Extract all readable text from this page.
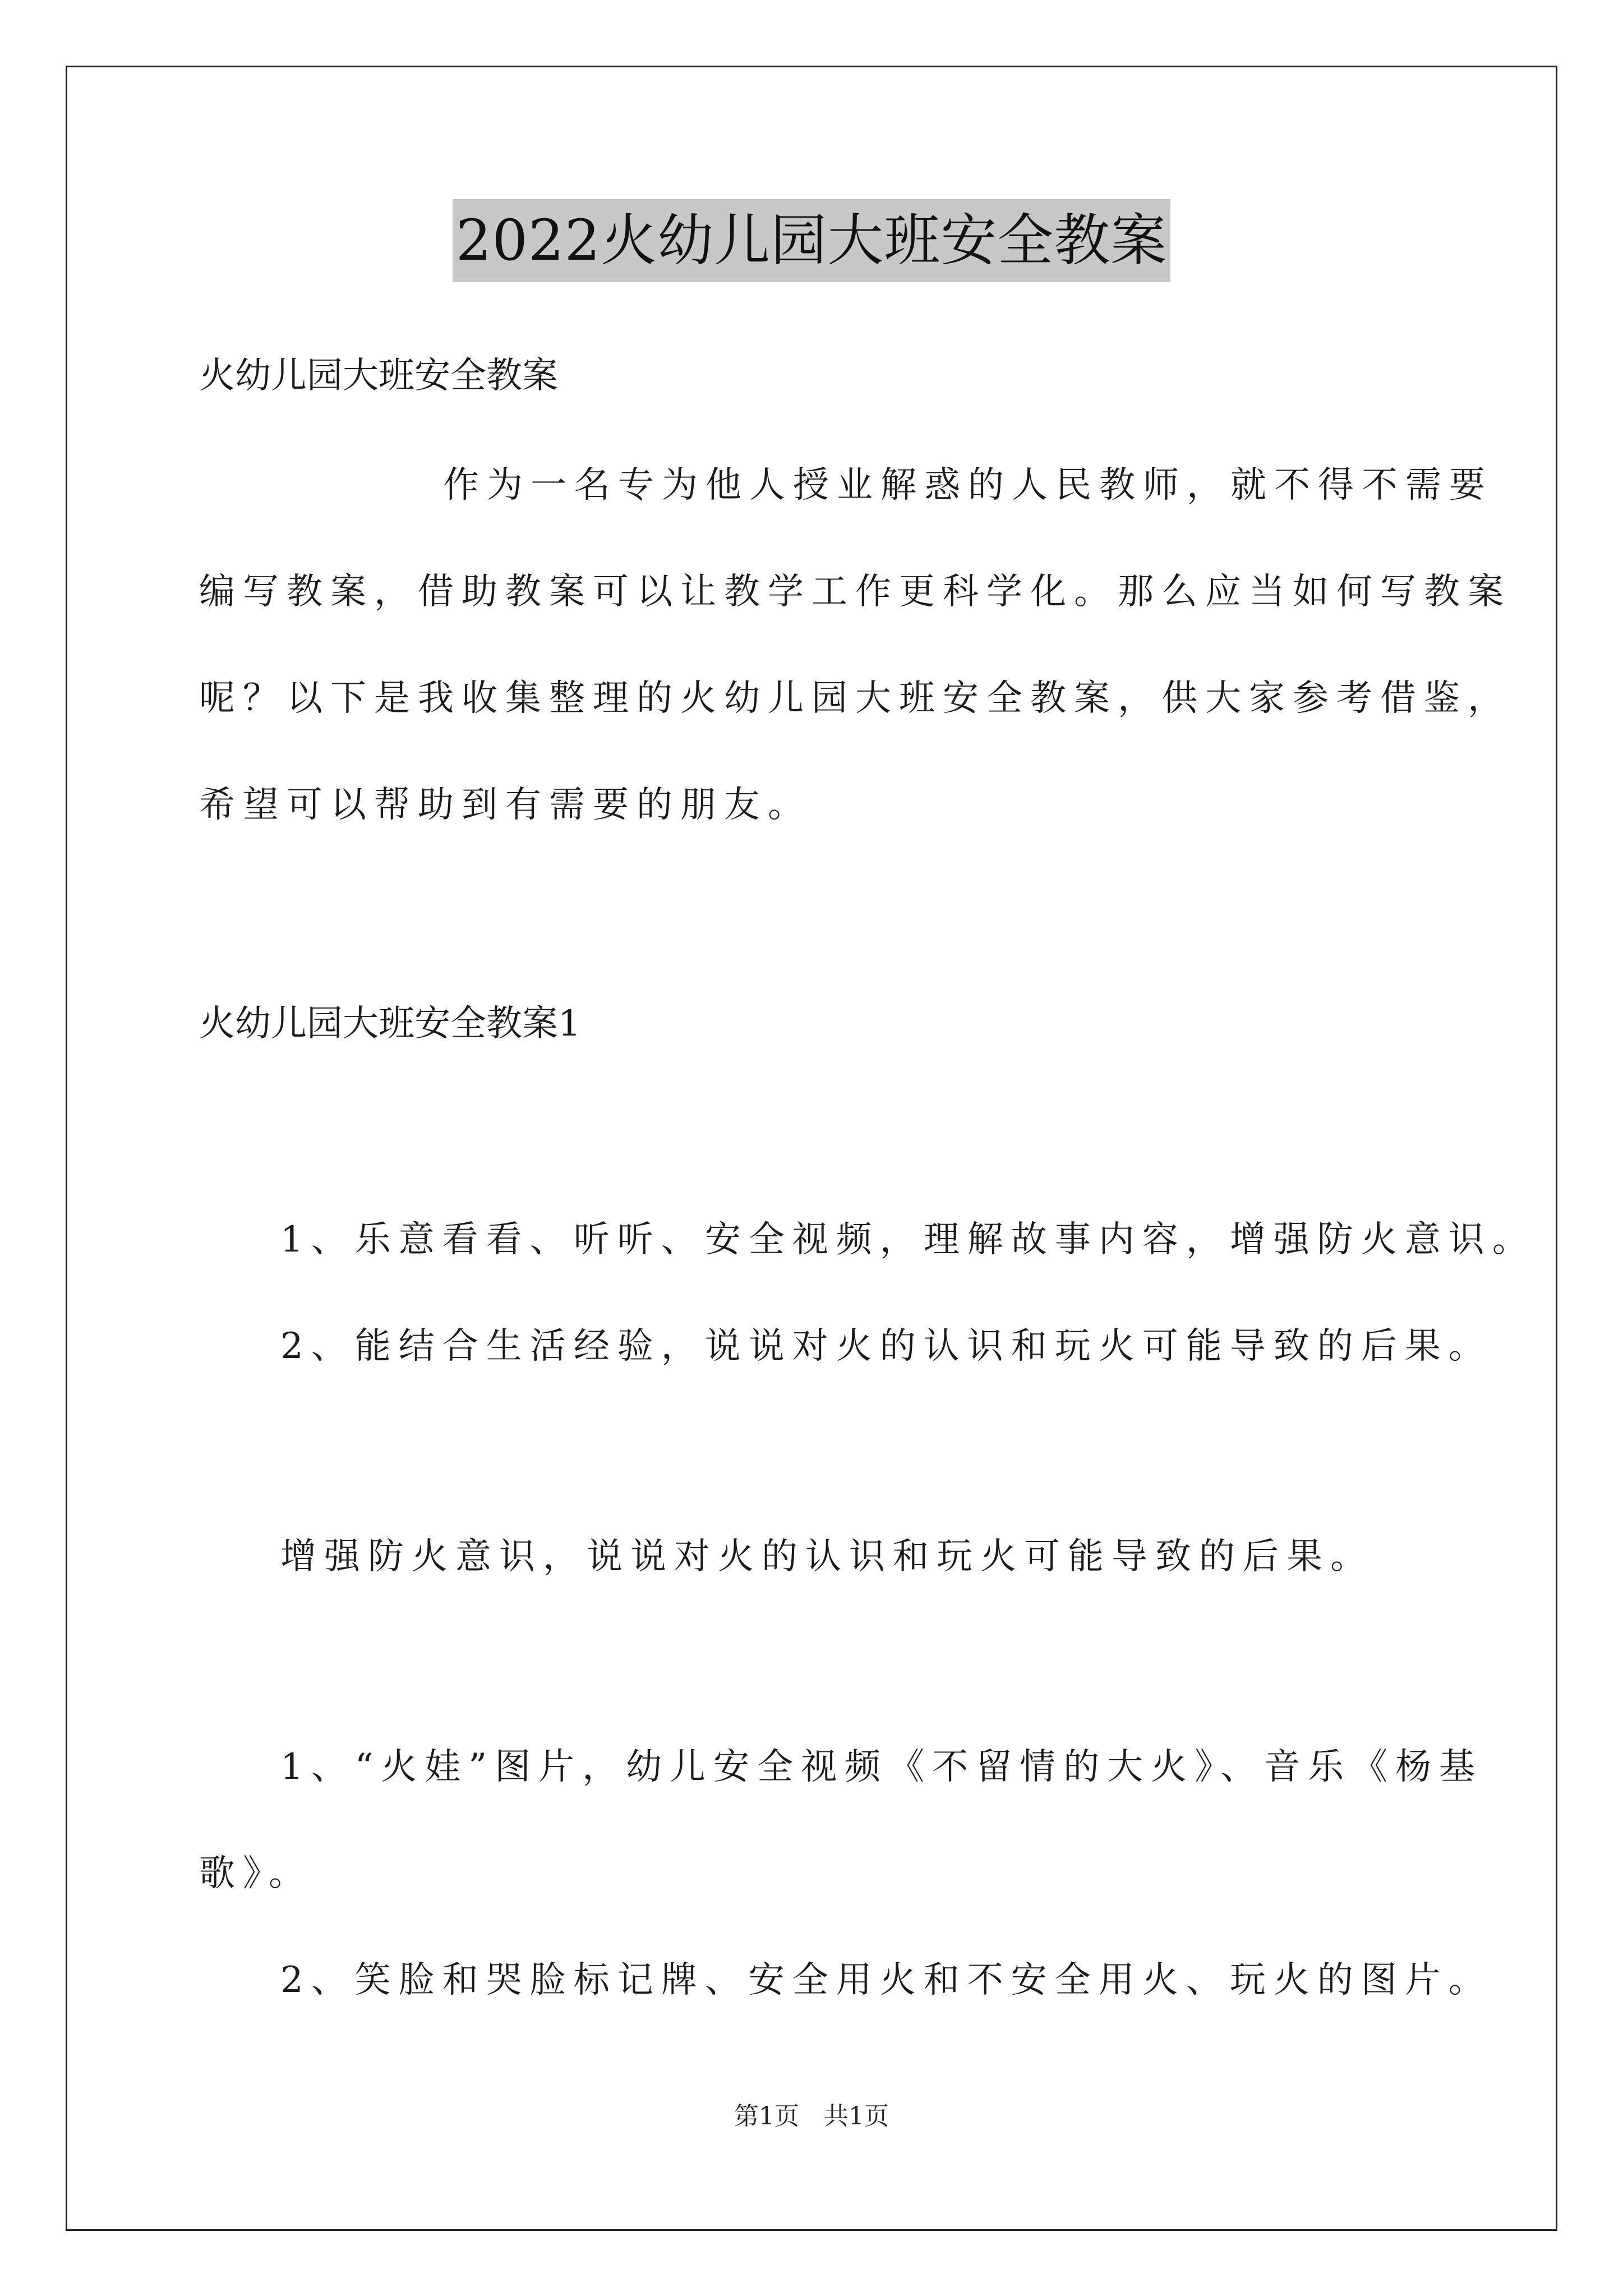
2022火幼儿园大班安全教案
火幼儿园大班安全教案
作为一名专为他人授业解惑的人民教师，就不得不需要
编写教案，借助教案可以让教学工作更科学化。那么应当如何写教案
呢？以下是我收集整理的火幼儿园大班安全教案，供大家参考借鉴，
希望可以帮助到有需要的朋友。
火幼儿园大班安全教案1
1、乐意看看、听听、安全视频，理解故事内容，增强防火意识。
2、能结合生活经验，说说对火的认识和玩火可能导致的后果。
增强防火意识，说说对火的认识和玩火可能导致的后果。
1、“火娃”图片，幼儿安全视频《不留情的大火》、音乐《杨基
歌》。
2、笑脸和哭脸标记牌、安全用火和不安全用火、玩火的图片。
第1页　共1页
